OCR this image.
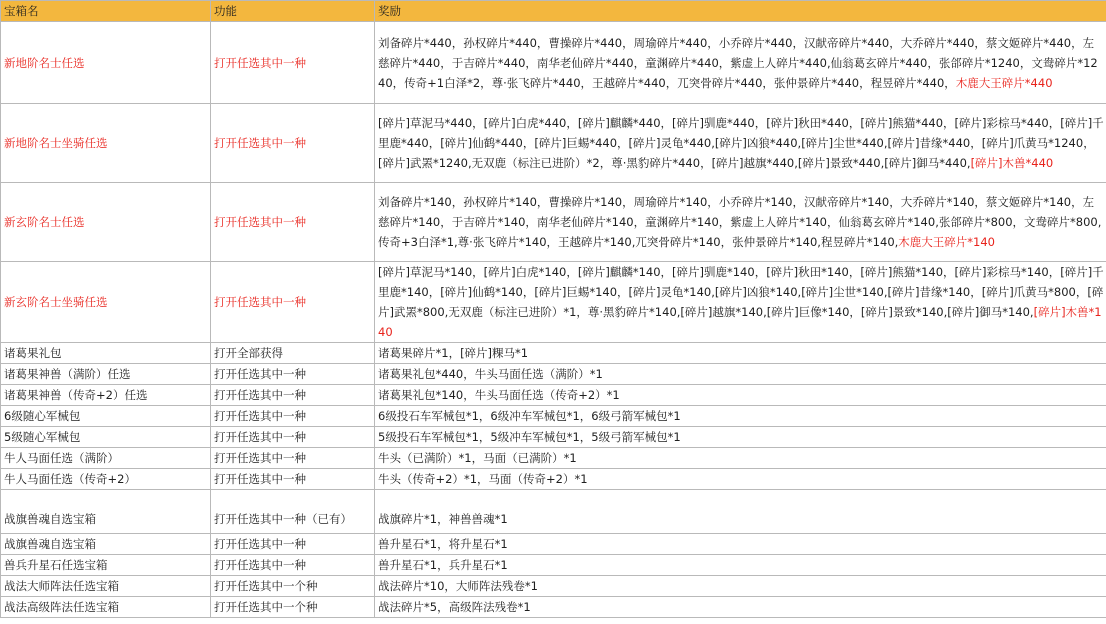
宝箱名	功能	奖励
新地阶名士任选	打开任选其中一种	刘备碎片*440，孙权碎片*440，曹操碎片*440，周瑜碎片*440，小乔碎片*440，汉献帝碎片*440，大乔碎片*440，蔡文姬碎片*440，左慈碎片*440，于吉碎片*440，南华老仙碎片*440，童渊碎片*440，紫虚上人碎片*440,仙翁葛玄碎片*440，张郃碎片*1240，文鸯碎片*1240，传奇+1白泽*2，尊·张飞碎片*440，王越碎片*440，兀突骨碎片*440，张仲景碎片*440，程昱碎片*440，木鹿大王碎片*440
新地阶名士坐骑任选	打开任选其中一种	[碎片]草泥马*440，[碎片]白虎*440，[碎片]麒麟*440，[碎片]驯鹿*440，[碎片]秋田*440，[碎片]熊猫*440，[碎片]彩棕马*440，[碎片]千里鹿*440，[碎片]仙鹤*440，[碎片]巨蜴*440，[碎片]灵龟*440,[碎片]凶狼*440,[碎片]尘世*440,[碎片]昔缘*440，[碎片]爪黄马*1240，[碎片]武罴*1240,无双鹿（标注已进阶）*2，尊·黑豹碎片*440，[碎片]越旗*440,[碎片]景致*440,[碎片]御马*440,[碎片]木兽*440
新玄阶名士任选	打开任选其中一种	刘备碎片*140，孙权碎片*140，曹操碎片*140，周瑜碎片*140，小乔碎片*140，汉献帝碎片*140，大乔碎片*140，蔡文姬碎片*140，左慈碎片*140，于吉碎片*140，南华老仙碎片*140，童渊碎片*140，紫虚上人碎片*140，仙翁葛玄碎片*140,张郃碎片*800，文鸯碎片*800,传奇+3白泽*1,尊·张飞碎片*140，王越碎片*140,兀突骨碎片*140，张仲景碎片*140,程昱碎片*140,木鹿大王碎片*140
新玄阶名士坐骑任选	打开任选其中一种	[碎片]草泥马*140，[碎片]白虎*140，[碎片]麒麟*140，[碎片]驯鹿*140，[碎片]秋田*140，[碎片]熊猫*140，[碎片]彩棕马*140，[碎片]千里鹿*140，[碎片]仙鹤*140，[碎片]巨蜴*140，[碎片]灵龟*140,[碎片]凶狼*140,[碎片]尘世*140,[碎片]昔缘*140，[碎片]爪黄马*800，[碎片]武罴*800,无双鹿（标注已进阶）*1，尊·黑豹碎片*140,[碎片]越旗*140,[碎片]巨像*140，[碎片]景致*140,[碎片]御马*140,[碎片]木兽*140
诸葛果礼包	打开全部获得	诸葛果碎片*1，[碎片]粿马*1
诸葛果神兽（满阶）任选	打开任选其中一种	诸葛果礼包*440，牛头马面任选（满阶）*1
诸葛果神兽（传奇+2）任选	打开任选其中一种	诸葛果礼包*140，牛头马面任选（传奇+2）*1
6级随心军械包	打开任选其中一种	6级投石车军械包*1，6级冲车军械包*1，6级弓箭军械包*1
5级随心军械包	打开任选其中一种	5级投石车军械包*1，5级冲车军械包*1，5级弓箭军械包*1
牛人马面任选（满阶）	打开任选其中一种	牛头（已满阶）*1，马面（已满阶）*1
牛人马面任选（传奇+2）	打开任选其中一种	牛头（传奇+2）*1，马面（传奇+2）*1
战旗兽魂自选宝箱	打开任选其中一种（已有）	战旗碎片*1，神兽兽魂*1
战旗兽魂自选宝箱	打开任选其中一种	兽升星石*1，将升星石*1
兽兵升星石任选宝箱	打开任选其中一种	兽升星石*1，兵升星石*1
战法大师阵法任选宝箱	打开任选其中一个种	战法碎片*10，大师阵法残卷*1
战法高级阵法任选宝箱	打开任选其中一个种	战法碎片*5，高级阵法残卷*1
